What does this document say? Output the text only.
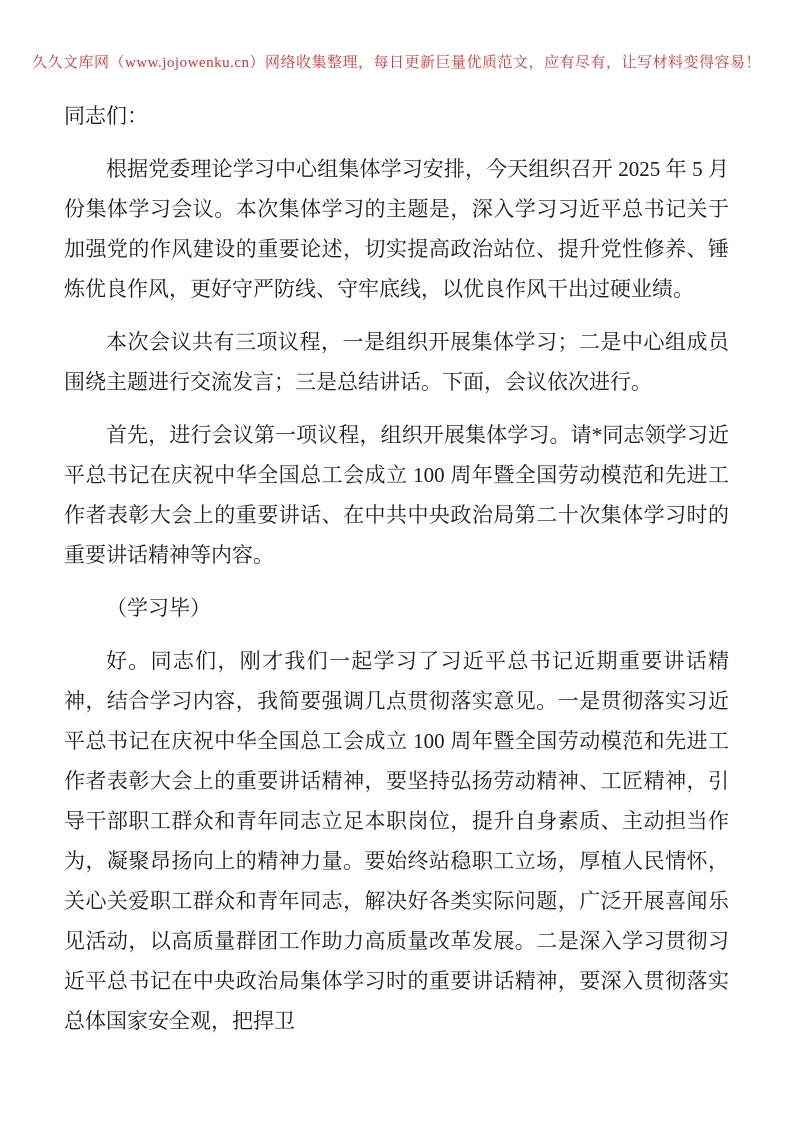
久久文库网（www.jojowenku.cn）网络收集整理，每日更新巨量优质范文，应有尽有，让写材料变得容易！

同志们：

根据党委理论学习中心组集体学习安排，今天组织召开 2025 年 5 月份集体学习会议。本次集体学习的主题是，深入学习习近平总书记关于加强党的作风建设的重要论述，切实提高政治站位、提升党性修养、锤炼优良作风，更好守严防线、守牢底线，以优良作风干出过硬业绩。

本次会议共有三项议程，一是组织开展集体学习；二是中心组成员围绕主题进行交流发言；三是总结讲话。下面，会议依次进行。

首先，进行会议第一项议程，组织开展集体学习。请*同志领学习近平总书记在庆祝中华全国总工会成立 100 周年暨全国劳动模范和先进工作者表彰大会上的重要讲话、在中共中央政治局第二十次集体学习时的重要讲话精神等内容。

（学习毕）

好。同志们，刚才我们一起学习了习近平总书记近期重要讲话精神，结合学习内容，我简要强调几点贯彻落实意见。一是贯彻落实习近平总书记在庆祝中华全国总工会成立 100 周年暨全国劳动模范和先进工作者表彰大会上的重要讲话精神，要坚持弘扬劳动精神、工匠精神，引导干部职工群众和青年同志立足本职岗位，提升自身素质、主动担当作为，凝聚昂扬向上的精神力量。要始终站稳职工立场，厚植人民情怀，关心关爱职工群众和青年同志，解决好各类实际问题，广泛开展喜闻乐见活动，以高质量群团工作助力高质量改革发展。二是深入学习贯彻习近平总书记在中央政治局集体学习时的重要讲话精神，要深入贯彻落实总体国家安全观，把捍卫
